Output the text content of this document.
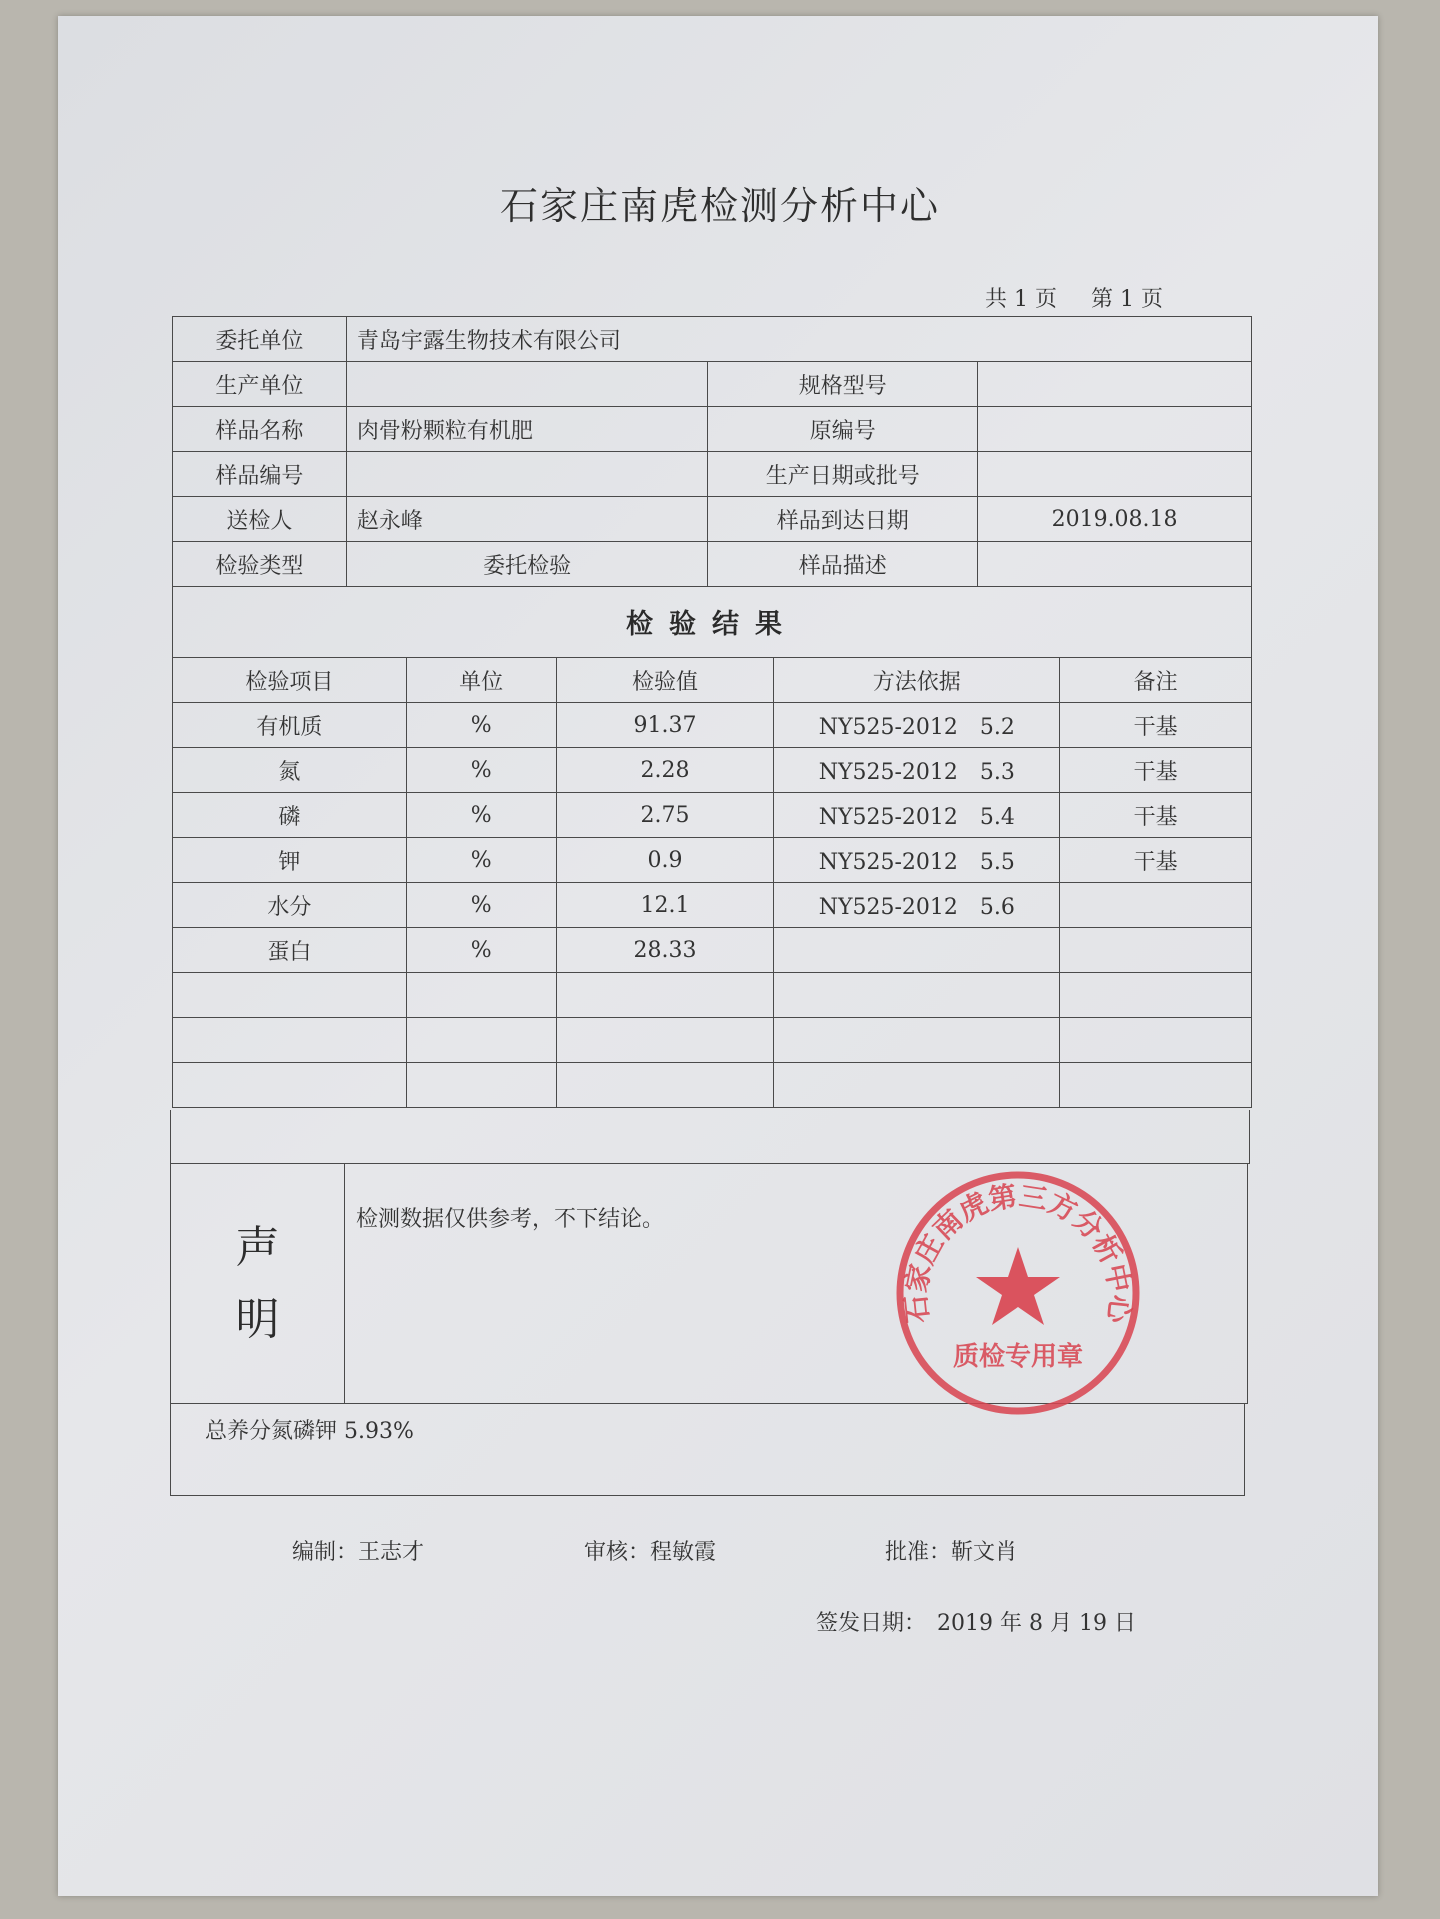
石家庄南虎检测分析中心
共 1 页 第 1 页
委托单位	青岛宇露生物技术有限公司		
生产单位		规格型号	
样品名称	肉骨粉颗粒有机肥	原编号	
样品编号		生产日期或批号	
送检人	赵永峰	样品到达日期	2019.08.18
检验类型	委托检验	样品描述	
检验结果
检验项目	单位	检验值	方法依据	备注
有机质	%	91.37	NY525-2012　5.2	干基
氮	%	2.28	NY525-2012　5.3	干基
磷	%	2.75	NY525-2012　5.4	干基
钾	%	0.9	NY525-2012　5.5	干基
水分	%	12.1	NY525-2012　5.6	
蛋白	%	28.33		

声
明
检测数据仅供参考，不下结论。
石家庄南虎第三方分析中心
质检专用章
总养分氮磷钾 5.93%
编制：王志才	审核：程敏霞	批准：靳文肖
签发日期：　2019 年 8 月 19 日
